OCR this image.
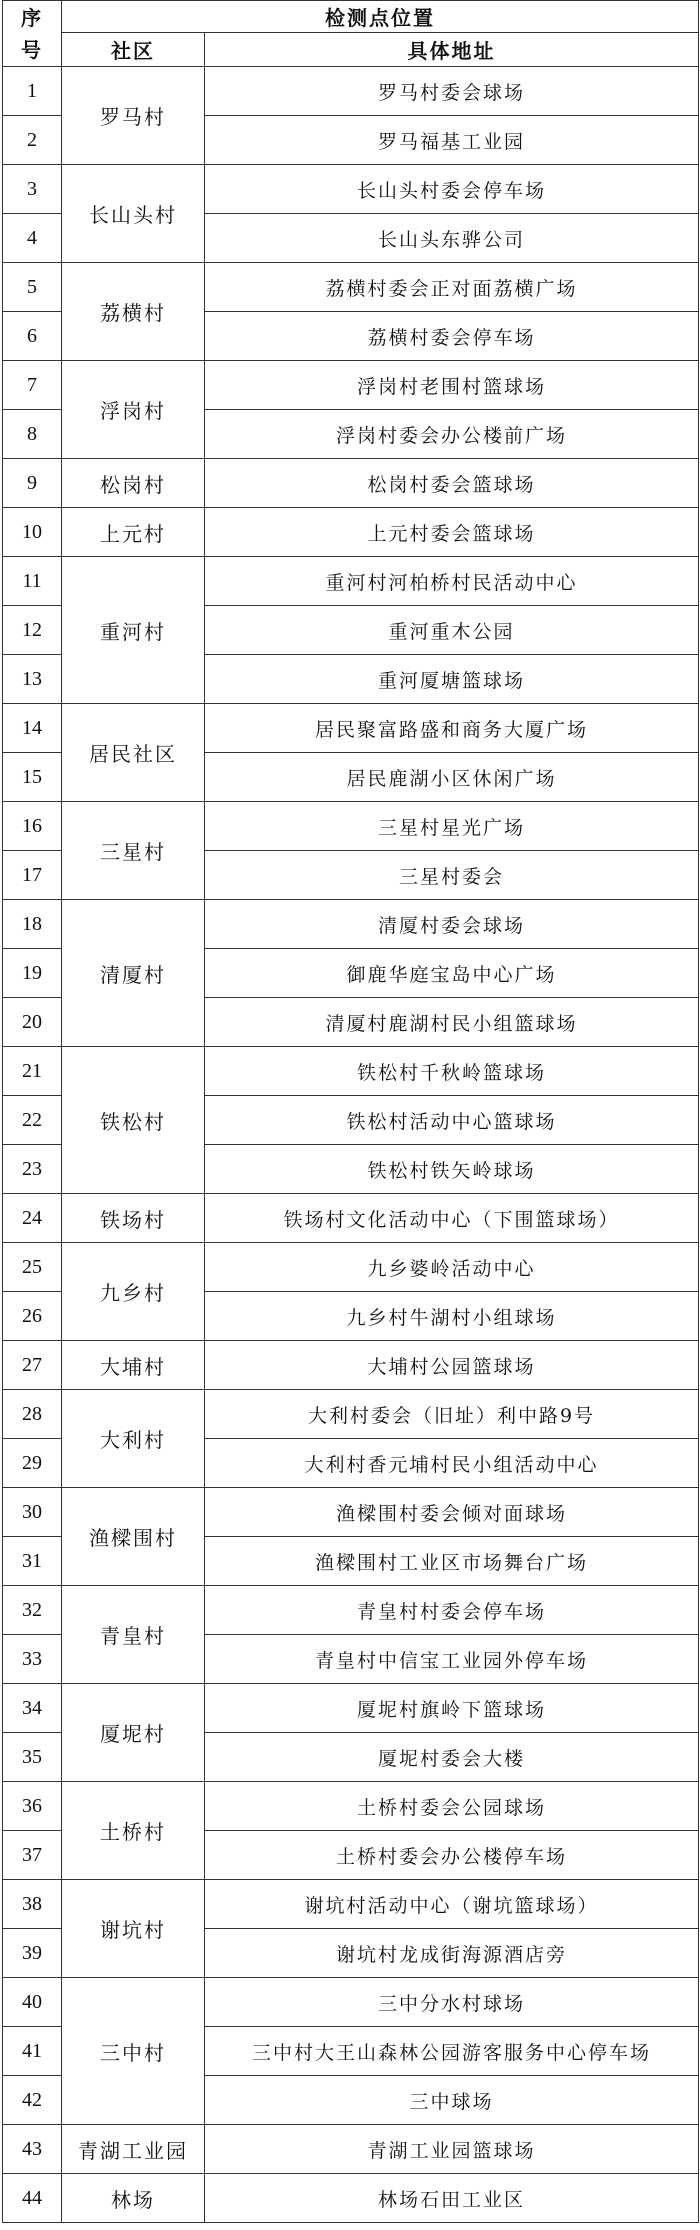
序
号	检测点位置	
	社区	具体地址
1	罗马村	罗马村委会球场
2		罗马福基工业园
3	长山头村	长山头村委会停车场
4		长山头东骅公司
5	荔横村	荔横村委会正对面荔横广场
6		荔横村委会停车场
7	浮岗村	浮岗村老围村篮球场
8		浮岗村委会办公楼前广场
9	松岗村	松岗村委会篮球场
10	上元村	上元村委会篮球场
11	重河村	重河村河柏桥村民活动中心
12		重河重木公园
13		重河厦塘篮球场
14	居民社区	居民聚富路盛和商务大厦广场
15		居民鹿湖小区休闲广场
16	三星村	三星村星光广场
17		三星村委会
18	清厦村	清厦村委会球场
19		御鹿华庭宝岛中心广场
20		清厦村鹿湖村民小组篮球场
21	铁松村	铁松村千秋岭篮球场
22		铁松村活动中心篮球场
23		铁松村铁矢岭球场
24	铁场村	铁场村文化活动中心（下围篮球场）
25	九乡村	九乡婆岭活动中心
26		九乡村牛湖村小组球场
27	大埔村	大埔村公园篮球场
28	大利村	大利村委会（旧址）利中路9号
29		大利村香元埔村民小组活动中心
30	渔樑围村	渔樑围村委会倾对面球场
31		渔樑围村工业区市场舞台广场
32	青皇村	青皇村村委会停车场
33		青皇村中信宝工业园外停车场
34	厦坭村	厦坭村旗岭下篮球场
35		厦坭村委会大楼
36	土桥村	土桥村委会公园球场
37		土桥村委会办公楼停车场
38	谢坑村	谢坑村活动中心（谢坑篮球场）
39		谢坑村龙成街海源酒店旁
40	三中村	三中分水村球场
41		三中村大王山森林公园游客服务中心停车场
42		三中球场
43	青湖工业园	青湖工业园篮球场
44	林场	林场石田工业区
